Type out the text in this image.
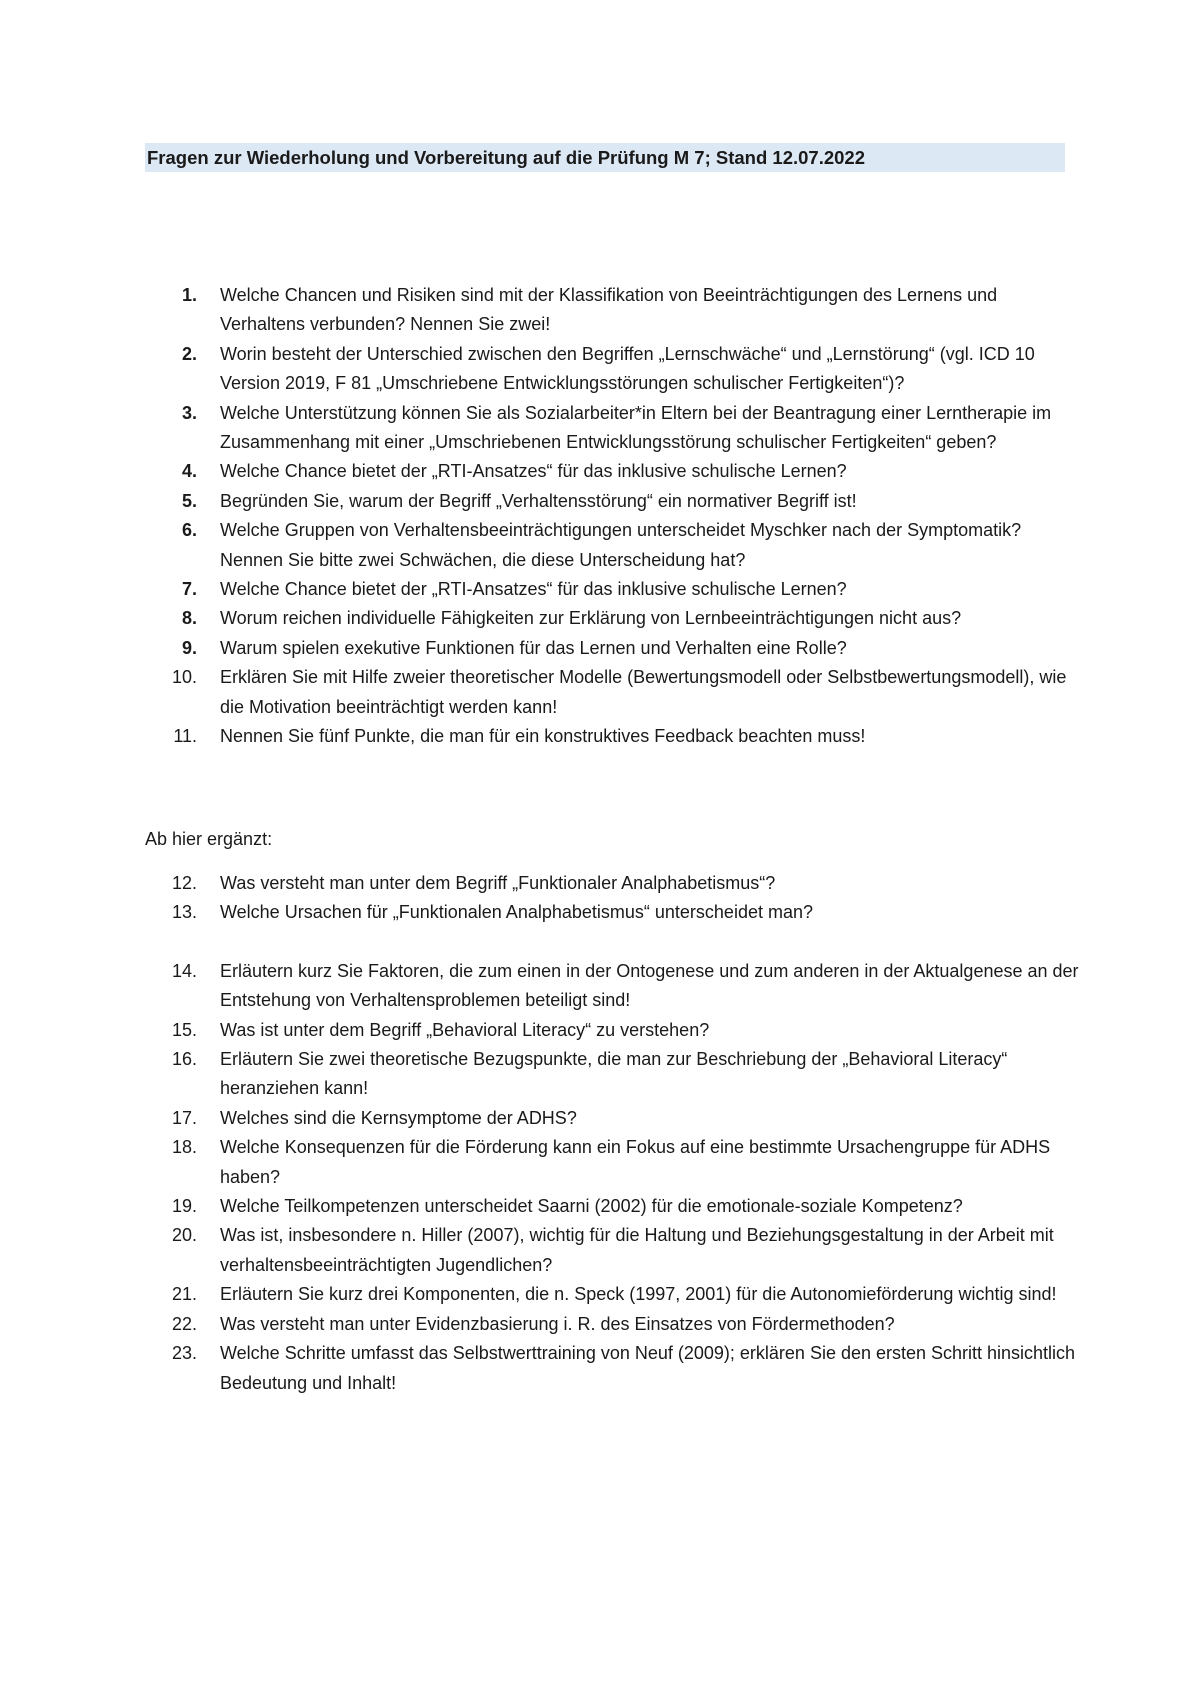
Fragen zur Wiederholung und Vorbereitung auf die Prüfung M 7; Stand 12.07.2022
1. Welche Chancen und Risiken sind mit der Klassifikation von Beeinträchtigungen des Lernens und Verhaltens verbunden? Nennen Sie zwei!
2. Worin besteht der Unterschied zwischen den Begriffen „Lernschwäche“ und „Lernstörung“ (vgl. ICD 10 Version 2019, F 81 „Umschriebene Entwicklungsstörungen schulischer Fertigkeiten“)?
3. Welche Unterstützung können Sie als Sozialarbeiter*in Eltern bei der Beantragung einer Lerntherapie im Zusammenhang mit einer „Umschriebenen Entwicklungsstörung schulischer Fertigkeiten“ geben?
4. Welche Chance bietet der „RTI-Ansatzes“ für das inklusive schulische Lernen?
5. Begründen Sie, warum der Begriff „Verhaltensstörung“ ein normativer Begriff ist!
6. Welche Gruppen von Verhaltensbeeinträchtigungen unterscheidet Myschker nach der Symptomatik? Nennen Sie bitte zwei Schwächen, die diese Unterscheidung hat?
7. Welche Chance bietet der „RTI-Ansatzes“ für das inklusive schulische Lernen?
8. Worum reichen individuelle Fähigkeiten zur Erklärung von Lernbeeinträchtigungen nicht aus?
9. Warum spielen exekutive Funktionen für das Lernen und Verhalten eine Rolle?
10. Erklären Sie mit Hilfe zweier theoretischer Modelle (Bewertungsmodell oder Selbstbewertungsmodell), wie die Motivation beeinträchtigt werden kann!
11. Nennen Sie fünf Punkte, die man für ein konstruktives Feedback beachten muss!
Ab hier ergänzt:
12. Was versteht man unter dem Begriff „Funktionaler Analphabetismus“?
13. Welche Ursachen für „Funktionalen Analphabetismus“ unterscheidet man?
14. Erläutern kurz Sie Faktoren, die zum einen in der Ontogenese und zum anderen in der Aktualgenese an der Entstehung von Verhaltensproblemen beteiligt sind!
15. Was ist unter dem Begriff „Behavioral Literacy“ zu verstehen?
16. Erläutern Sie zwei theoretische Bezugspunkte, die man zur Beschriebung der „Behavioral Literacy“ heranziehen kann!
17. Welches sind die Kernsymptome der ADHS?
18. Welche Konsequenzen für die Förderung kann ein Fokus auf eine bestimmte Ursachengruppe für ADHS haben?
19. Welche Teilkompetenzen unterscheidet Saarni (2002) für die emotionale-soziale Kompetenz?
20. Was ist, insbesondere n. Hiller (2007), wichtig für die Haltung und Beziehungsgestaltung in der Arbeit mit verhaltensbeeinträchtigten Jugendlichen?
21. Erläutern Sie kurz drei Komponenten, die n. Speck (1997, 2001) für die Autonomieförderung wichtig sind!
22. Was versteht man unter Evidenzbasierung i. R. des Einsatzes von Fördermethoden?
23. Welche Schritte umfasst das Selbstwerttraining von Neuf (2009); erklären Sie den ersten Schritt hinsichtlich Bedeutung und Inhalt!
